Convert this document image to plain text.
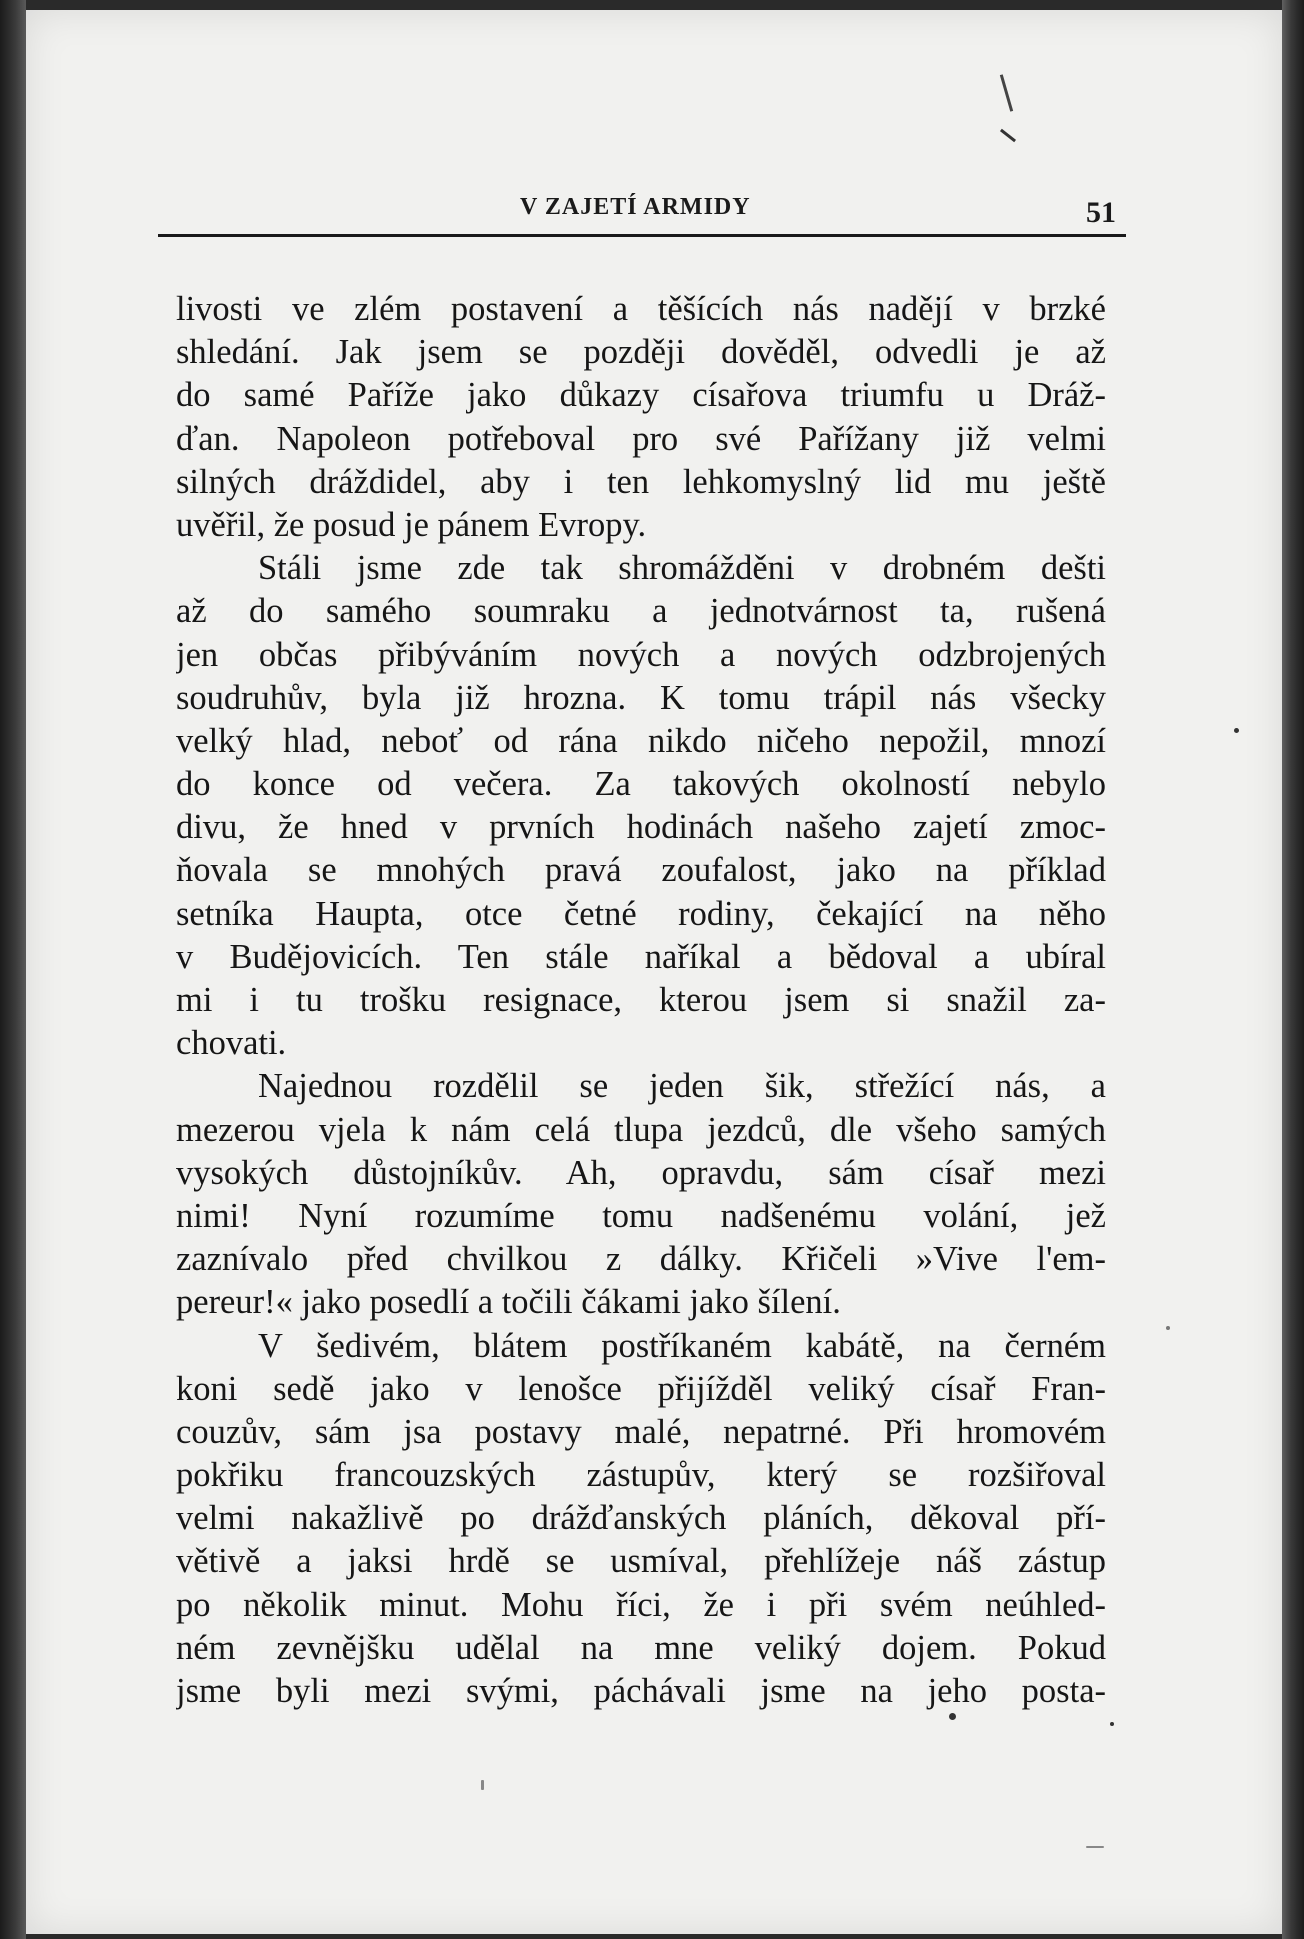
V ZAJETÍ ARMIDY	51
livosti ve zlém postavení a těšících nás nadějí v brzké
shledání. Jak jsem se později dověděl, odvedli je až
do samé Paříže jako důkazy císařova triumfu u Dráž-
ďan. Napoleon potřeboval pro své Pařížany již velmi
silných dráždidel, aby i ten lehkomyslný lid mu ještě
uvěřil, že posud je pánem Evropy.
Stáli jsme zde tak shromážděni v drobném dešti
až do samého soumraku a jednotvárnost ta, rušená
jen občas přibýváním nových a nových odzbrojených
soudruhův, byla již hrozna. K tomu trápil nás všecky
velký hlad, neboť od rána nikdo ničeho nepožil, mnozí
do konce od večera. Za takových okolností nebylo
divu, že hned v prvních hodinách našeho zajetí zmoc-
ňovala se mnohých pravá zoufalost, jako na příklad
setníka Haupta, otce četné rodiny, čekající na něho
v Budějovicích. Ten stále naříkal a bědoval a ubíral
mi i tu trošku resignace, kterou jsem si snažil za-
chovati.
Najednou rozdělil se jeden šik, střežící nás, a
mezerou vjela k nám celá tlupa jezdců, dle všeho samých
vysokých důstojníkův. Ah, opravdu, sám císař mezi
nimi! Nyní rozumíme tomu nadšenému volání, jež
zaznívalo před chvilkou z dálky. Křičeli »Vive l'em-
pereur!« jako posedlí a točili čákami jako šílení.
V šedivém, blátem postříkaném kabátě, na černém
koni sedě jako v lenošce přijížděl veliký císař Fran-
couzův, sám jsa postavy malé, nepatrné. Při hromovém
pokřiku francouzských zástupův, který se rozšiřoval
velmi nakažlivě po drážďanských pláních, děkoval pří-
větivě a jaksi hrdě se usmíval, přehlížeje náš zástup
po několik minut. Mohu říci, že i při svém neúhled-
ném zevnějšku udělal na mne veliký dojem. Pokud
jsme byli mezi svými, páchávali jsme na jeho posta-
